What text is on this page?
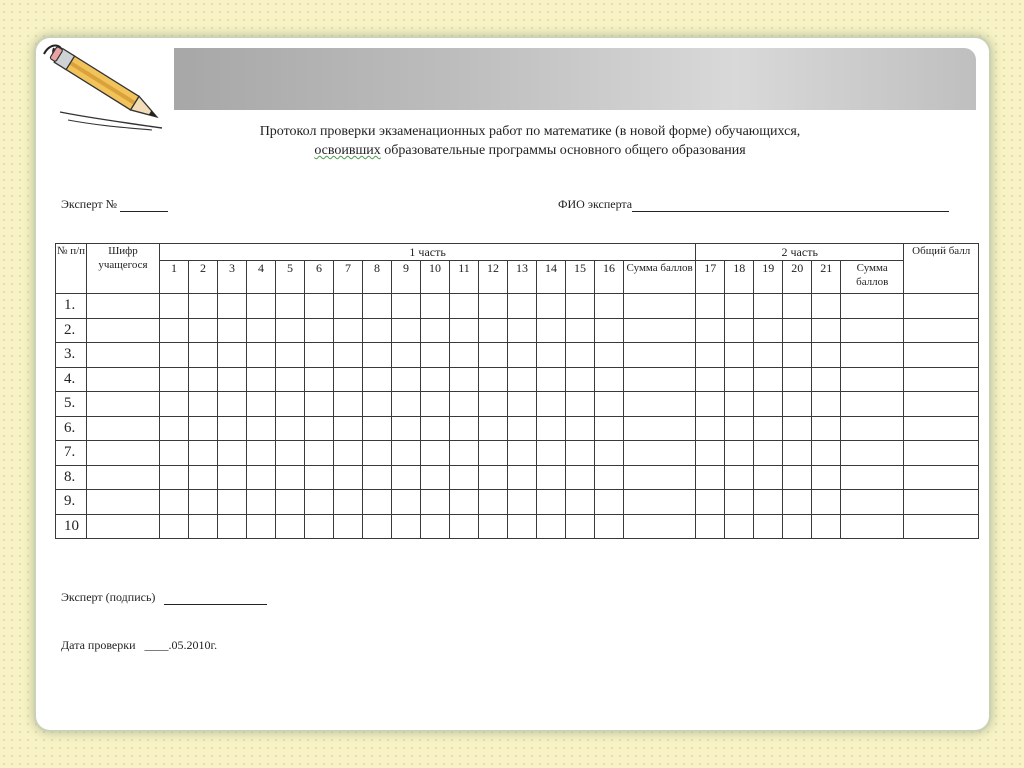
Протокол проверки экзаменационных работ по математике (в новой форме) обучающихся,
освоивших образовательные программы основного общего образования
Эксперт №	ФИО эксперта
№ п/п	Шифр учащегося	1 часть																	2 часть						Общий балл
		1	2	3	4	5	6	7	8	9	10	11	12	13	14	15	16	Сумма баллов	17	18	19	20	21	Сумма баллов	
1.																									
2.																									
3.																									
4.																									
5.																									
6.																									
7.																									
8.																									
9.																									
10																									
Эксперт (подпись)
Дата проверки ____.05.2010г.
